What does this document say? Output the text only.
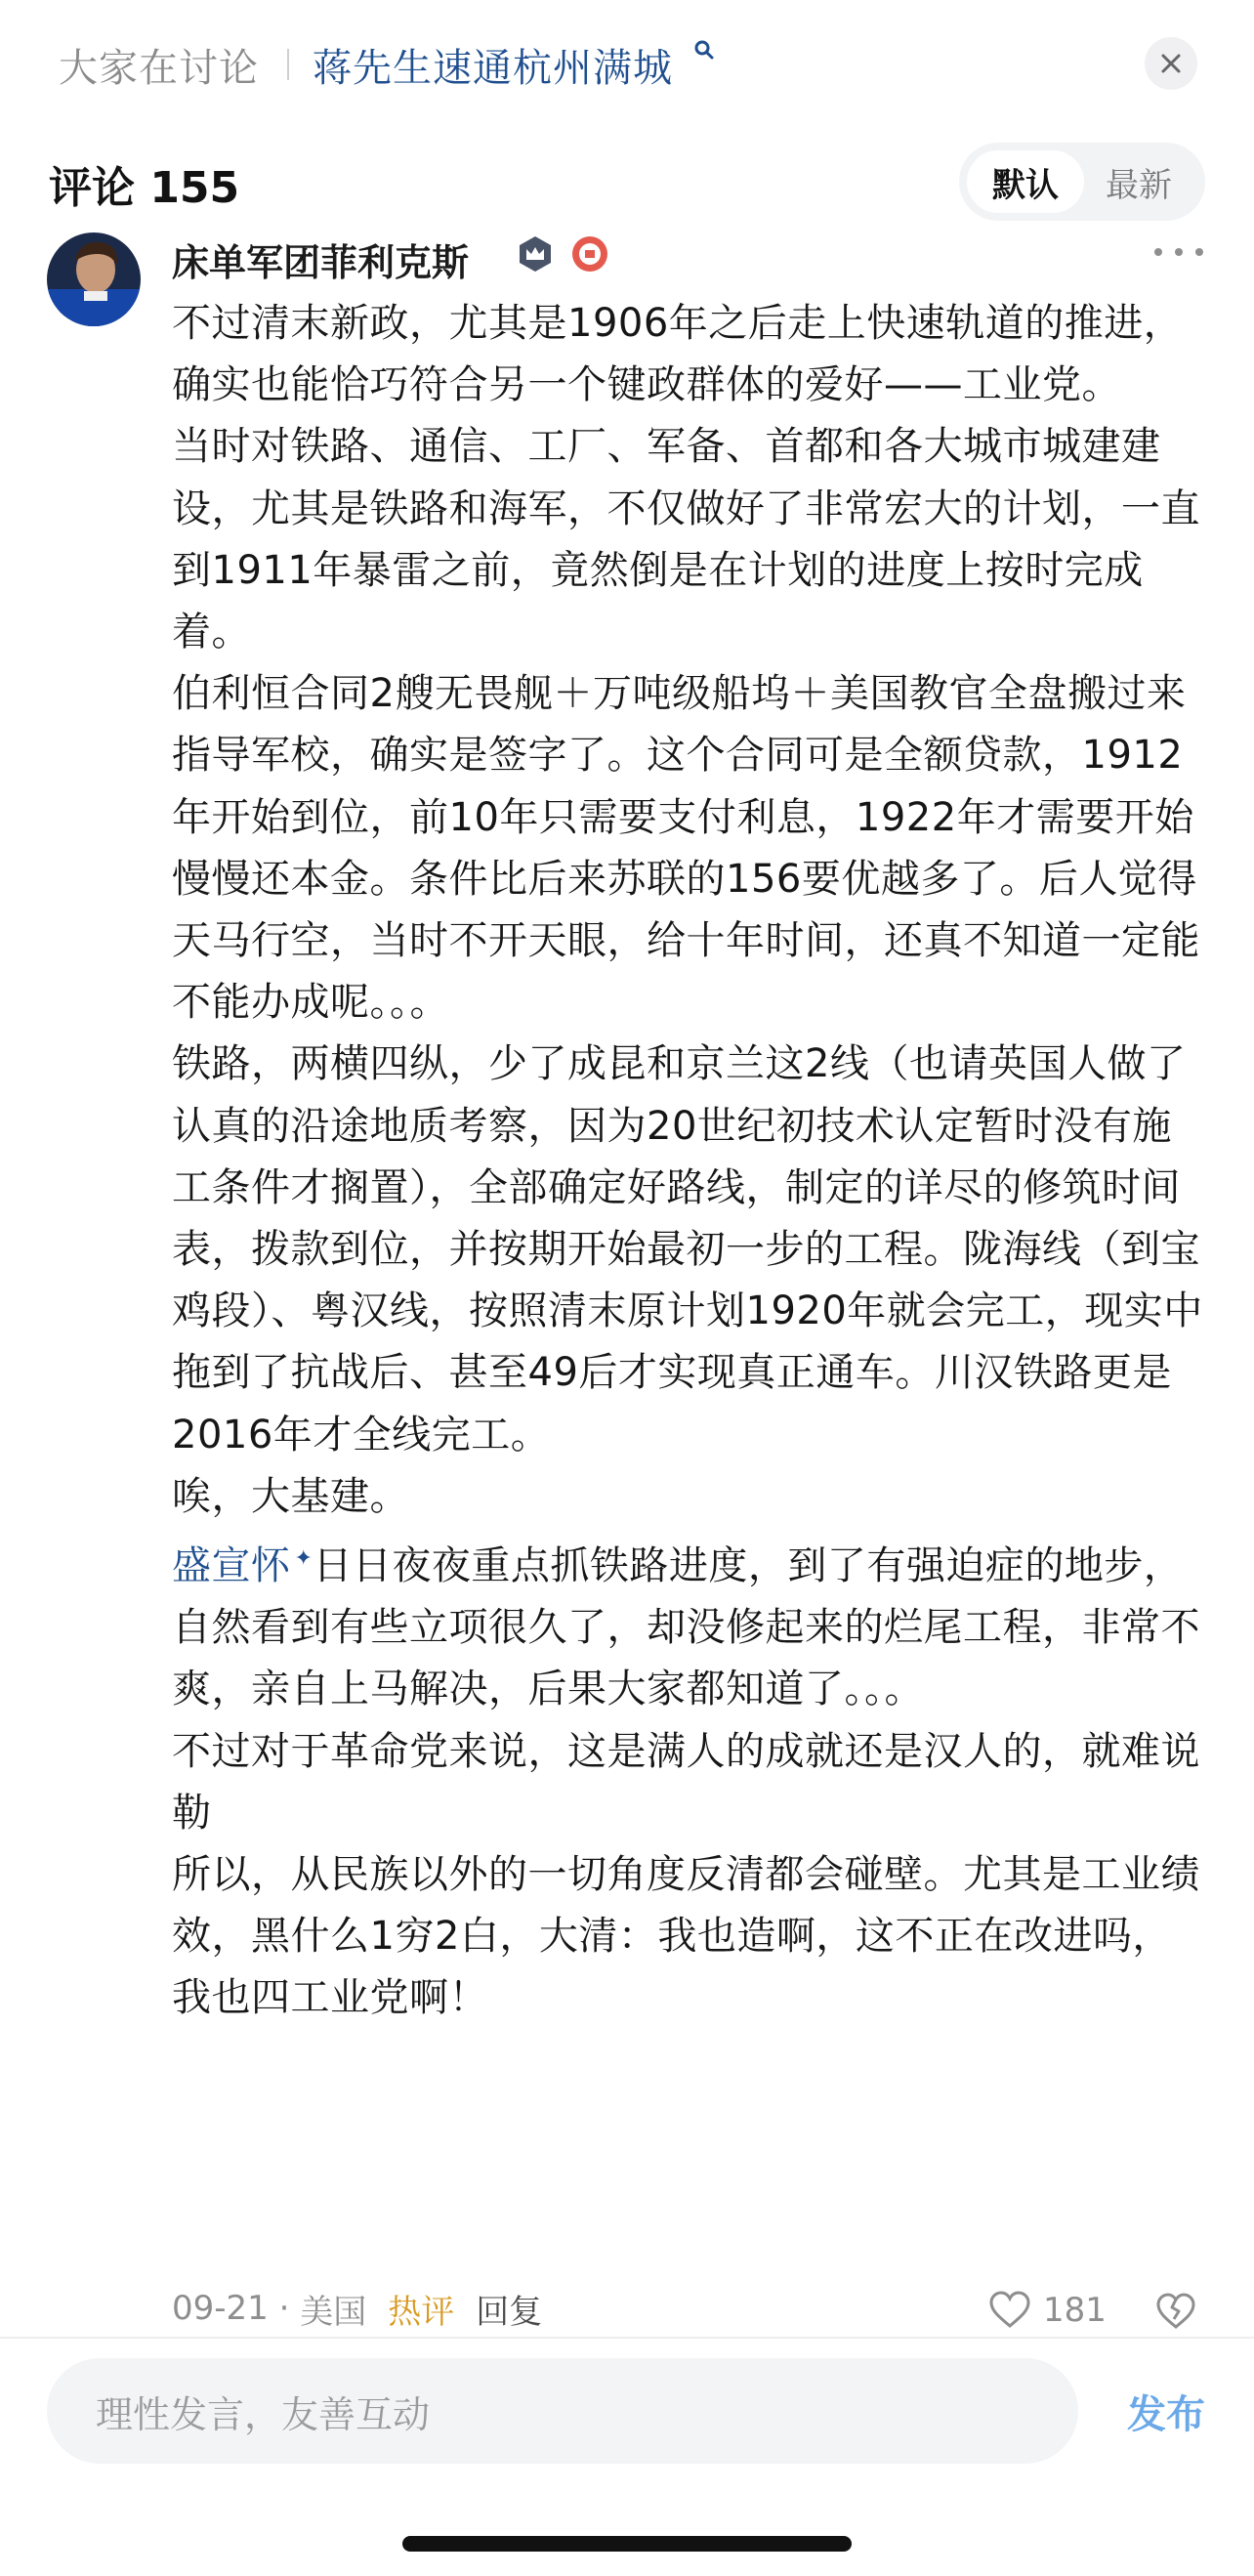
大家在讨论 蒋先生速通杭州满城
评论 155	默认	最新
床单军团菲利克斯

不过清末新政，尤其是1906年之后走上快速轨道的推进，确实也能恰巧符合另一个键政群体的爱好——工业党。

当时对铁路、通信、工厂、军备、首都和各大城市城建建设，尤其是铁路和海军，不仅做好了非常宏大的计划，一直到1911年暴雷之前，竟然倒是在计划的进度上按时完成着。

伯利恒合同2艘无畏舰＋万吨级船坞＋美国教官全盘搬过来指导军校，确实是签字了。这个合同可是全额贷款，1912年开始到位，前10年只需要支付利息，1922年才需要开始慢慢还本金。条件比后来苏联的156要优越多了。后人觉得天马行空，当时不开天眼，给十年时间，还真不知道一定能不能办成呢。。。

铁路，两横四纵，少了成昆和京兰这2线（也请英国人做了认真的沿途地质考察，因为20世纪初技术认定暂时没有施工条件才搁置），全部确定好路线，制定的详尽的修筑时间表，拨款到位，并按期开始最初一步的工程。陇海线（到宝鸡段）、粤汉线，按照清末原计划1920年就会完工，现实中拖到了抗战后、甚至49后才实现真正通车。川汉铁路更是2016年才全线完工。

唉，大基建。

盛宣怀 ✦日日夜夜重点抓铁路进度，到了有强迫症的地步，自然看到有些立项很久了，却没修起来的烂尾工程，非常不爽，亲自上马解决，后果大家都知道了。。。

不过对于革命党来说，这是满人的成就还是汉人的，就难说勒

所以，从民族以外的一切角度反清都会碰壁。尤其是工业绩效，黑什么1穷2白，大清：我也造啊，这不正在改进吗，我也四工业党啊！

09-21 · 美国 热评 回复	181
理性发言，友善互动	发布
